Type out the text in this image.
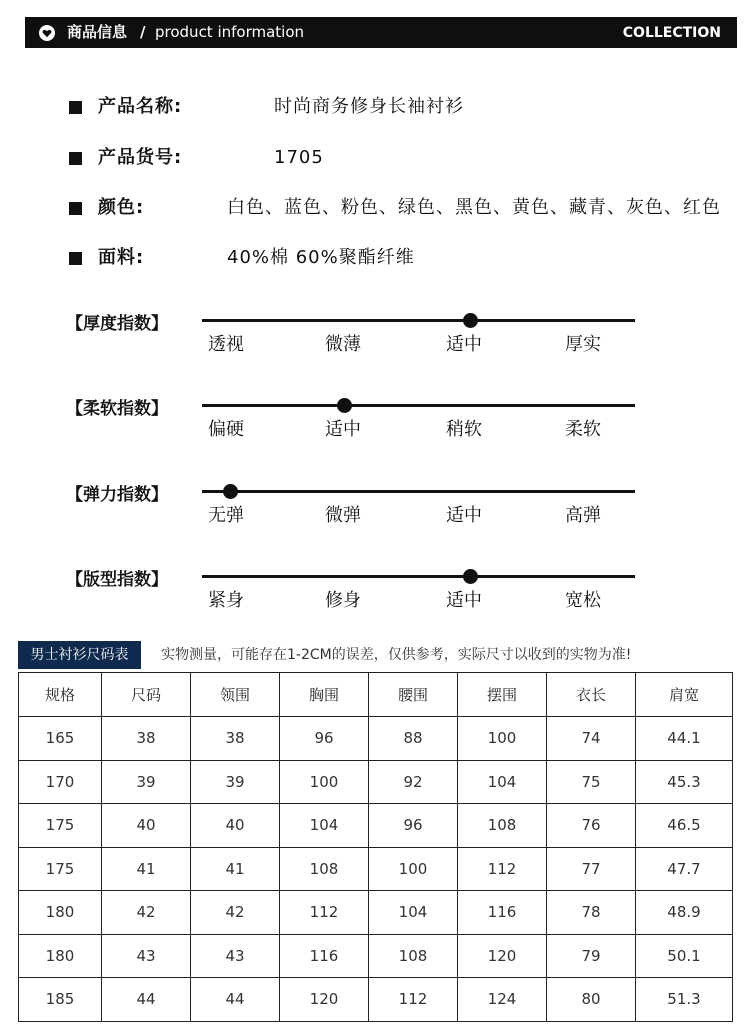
商品信息 / product information	COLLECTION
产品名称:	时尚商务修身长袖衬衫
产品货号:	1705
颜色:	白色、蓝色、粉色、绿色、黑色、黄色、藏青、灰色、红色
面料:	40%棉 60%聚酯纤维
【厚度指数】
透视	微薄	适中	厚实
【柔软指数】
偏硬	适中	稍软	柔软
【弹力指数】
无弹	微弹	适中	高弹
【版型指数】
紧身	修身	适中	宽松
男士衬衫尺码表	实物测量，可能存在1-2CM的误差，仅供参考，实际尺寸以收到的实物为准!
规格	尺码	领围	胸围	腰围	摆围	衣长	肩宽
165	38	38	96	88	100	74	44.1
170	39	39	100	92	104	75	45.3
175	40	40	104	96	108	76	46.5
175	41	41	108	100	112	77	47.7
180	42	42	112	104	116	78	48.9
180	43	43	116	108	120	79	50.1
185	44	44	120	112	124	80	51.3
